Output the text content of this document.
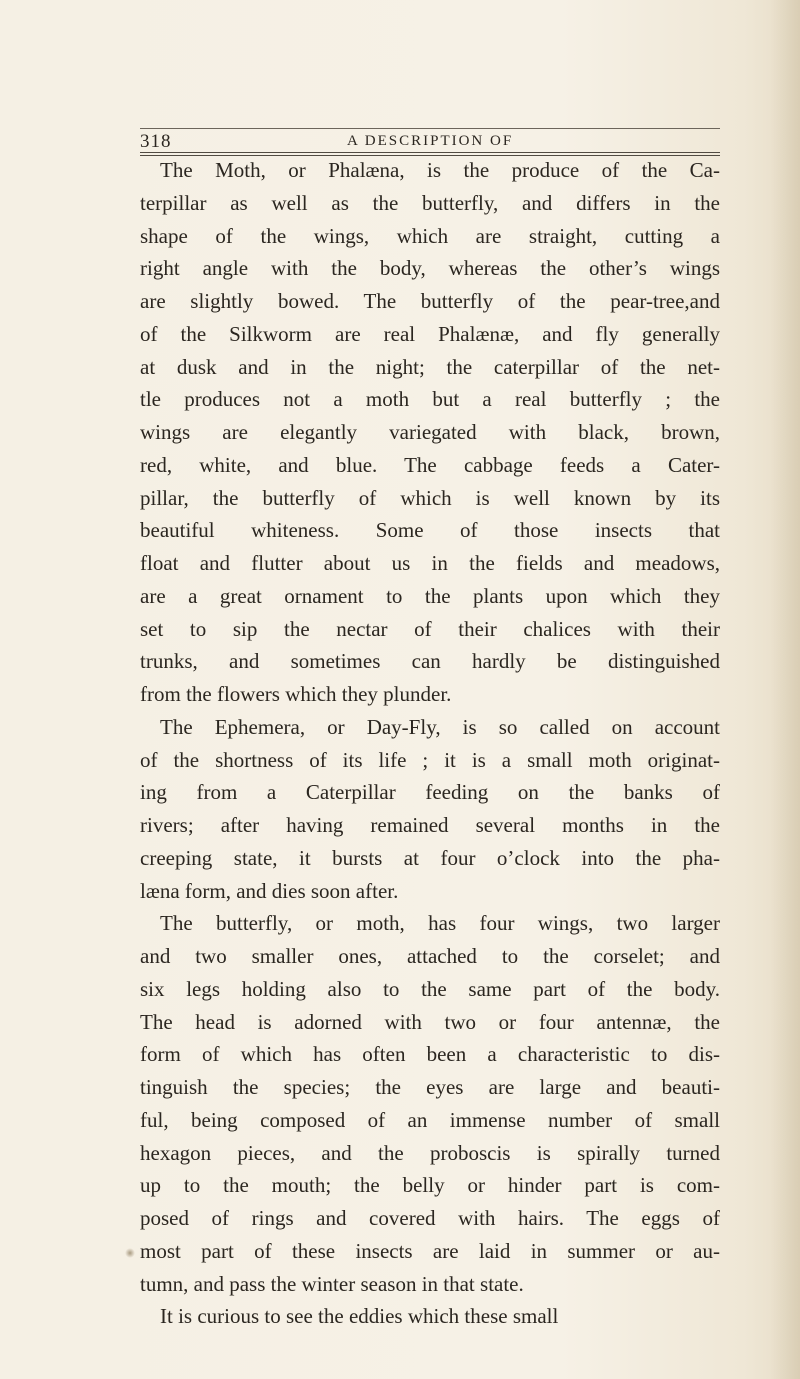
318	A DESCRIPTION OF
The Moth, or Phalæna, is the produce of the Ca-
terpillar as well as the butterfly, and differs in the
shape of the wings, which are straight, cutting a
right angle with the body, whereas the other’s wings
are slightly bowed. The butterfly of the pear-tree,and
of the Silkworm are real Phalænæ, and fly generally
at dusk and in the night; the caterpillar of the net-
tle produces not a moth but a real butterfly ; the
wings are elegantly variegated with black, brown,
red, white, and blue. The cabbage feeds a Cater-
pillar, the butterfly of which is well known by its
beautiful whiteness. Some of those insects that
float and flutter about us in the fields and meadows,
are a great ornament to the plants upon which they
set to sip the nectar of their chalices with their
trunks, and sometimes can hardly be distinguished
from the flowers which they plunder.
The Ephemera, or Day-Fly, is so called on account
of the shortness of its life ; it is a small moth originat-
ing from a Caterpillar feeding on the banks of
rivers; after having remained several months in the
creeping state, it bursts at four o’clock into the pha-
læna form, and dies soon after.
The butterfly, or moth, has four wings, two larger
and two smaller ones, attached to the corselet; and
six legs holding also to the same part of the body.
The head is adorned with two or four antennæ, the
form of which has often been a characteristic to dis-
tinguish the species; the eyes are large and beauti-
ful, being composed of an immense number of small
hexagon pieces, and the proboscis is spirally turned
up to the mouth; the belly or hinder part is com-
posed of rings and covered with hairs. The eggs of
most part of these insects are laid in summer or au-
tumn, and pass the winter season in that state.
It is curious to see the eddies which these small
